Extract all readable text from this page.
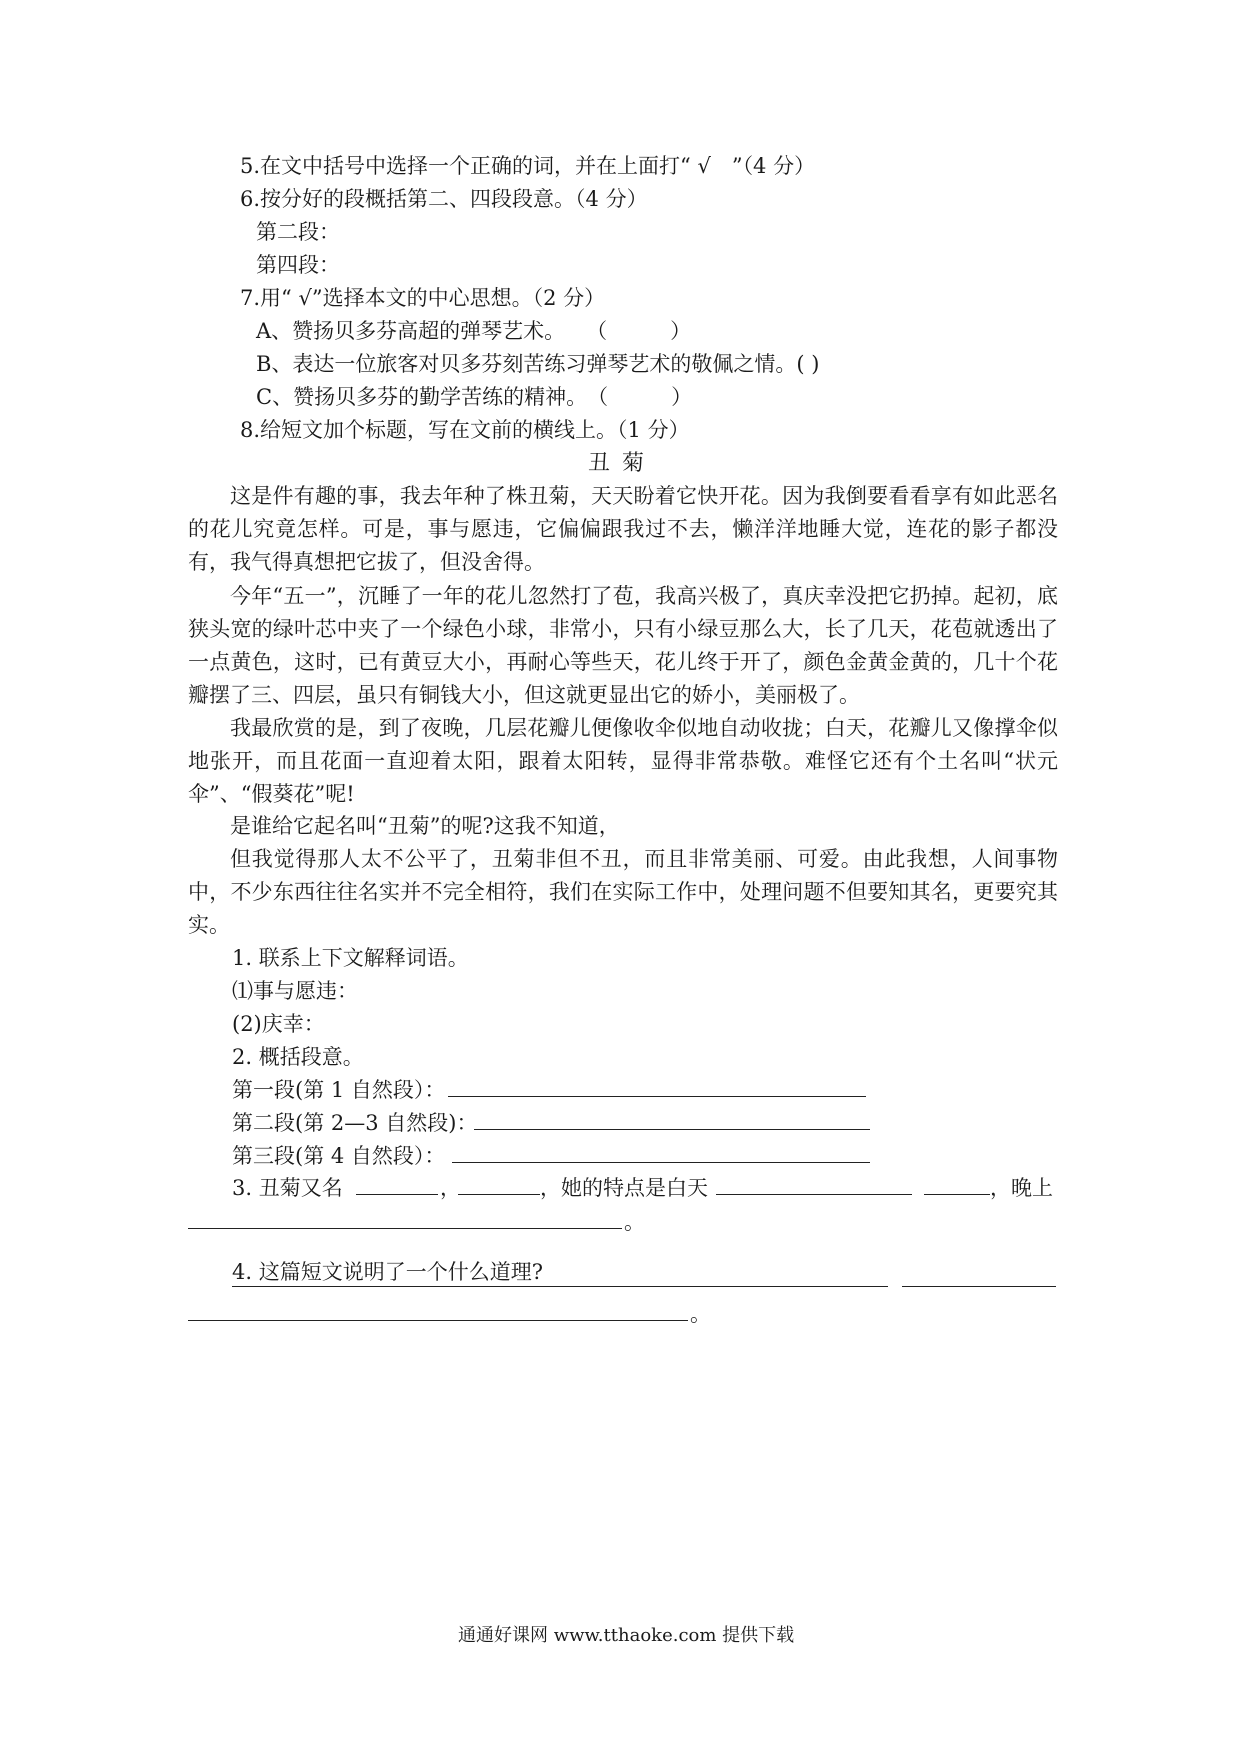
5.在文中括号中选择一个正确的词，并在上面打“ √　”（4 分）
6.按分好的段概括第二、四段段意。（4 分）
第二段：
第四段：
7.用“ √”选择本文的中心思想。（2 分）
A、赞扬贝多芬高超的弹琴艺术。　　（　　　）
B、表达一位旅客对贝多芬刻苦练习弹琴艺术的敬佩之情。( )
C、赞扬贝多芬的勤学苦练的精神。　（　　　）
8.给短文加个标题，写在文前的横线上。（1 分）
丑菊
这是件有趣的事，我去年种了株丑菊，天天盼着它快开花。因为我倒要看看享有如此恶名的花儿究竟怎样。可是，事与愿违，它偏偏跟我过不去，懒洋洋地睡大觉，连花的影子都没有，我气得真想把它拔了，但没舍得。
今年“五一”，沉睡了一年的花儿忽然打了苞，我高兴极了，真庆幸没把它扔掉。起初，底狭头宽的绿叶芯中夹了一个绿色小球，非常小，只有小绿豆那么大，长了几天，花苞就透出了一点黄色，这时，已有黄豆大小，再耐心等些天，花儿终于开了，颜色金黄金黄的，几十个花瓣摆了三、四层，虽只有铜钱大小，但这就更显出它的娇小，美丽极了。
我最欣赏的是，到了夜晚，几层花瓣儿便像收伞似地自动收拢；白天，花瓣儿又像撑伞似地张开，而且花面一直迎着太阳，跟着太阳转，显得非常恭敬。难怪它还有个土名叫“状元伞”、“假葵花”呢!
是谁给它起名叫“丑菊”的呢?这我不知道，
但我觉得那人太不公平了，丑菊非但不丑，而且非常美丽、可爱。由此我想，人间事物中，不少东西往往名实并不完全相符，我们在实际工作中，处理问题不但要知其名，更要究其实。
1. 联系上下文解释词语。
⑴事与愿违：
(2)庆幸：
2. 概括段意。
第一段(第 1 自然段）：
第二段(第 2—3 自然段)：
第三段(第 4 自然段）：
3. 丑菊又名	，	，她的特点是白天	，晚上
。
4. 这篇短文说明了一个什么道理?
。
通通好课网 www.tthaoke.com 提供下载
